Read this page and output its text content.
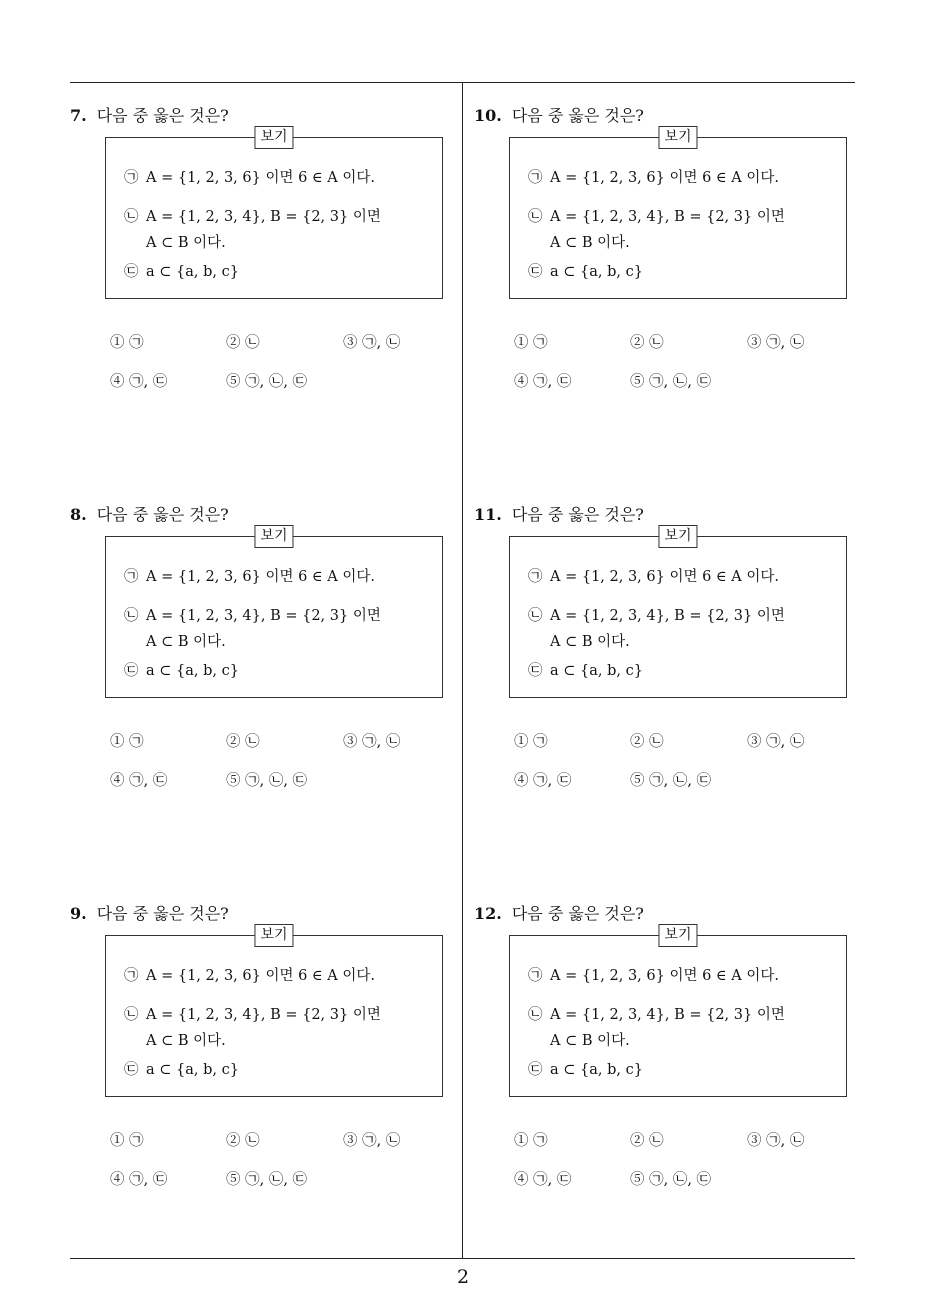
2
7. 다음 중 옳은 것은?
보기
㉠ A = {1, 2, 3, 6} 이면 6 ∈ A 이다.
㉡ A = {1, 2, 3, 4}, B = {2, 3} 이면
A ⊂ B 이다.
㉢ a ⊂ {a, b, c}
① ㉠	② ㉡	③ ㉠, ㉡
④ ㉠, ㉢	⑤ ㉠, ㉡, ㉢
8. 다음 중 옳은 것은?
보기
㉠ A = {1, 2, 3, 6} 이면 6 ∈ A 이다.
㉡ A = {1, 2, 3, 4}, B = {2, 3} 이면
A ⊂ B 이다.
㉢ a ⊂ {a, b, c}
① ㉠	② ㉡	③ ㉠, ㉡
④ ㉠, ㉢	⑤ ㉠, ㉡, ㉢
9. 다음 중 옳은 것은?
보기
㉠ A = {1, 2, 3, 6} 이면 6 ∈ A 이다.
㉡ A = {1, 2, 3, 4}, B = {2, 3} 이면
A ⊂ B 이다.
㉢ a ⊂ {a, b, c}
① ㉠	② ㉡	③ ㉠, ㉡
④ ㉠, ㉢	⑤ ㉠, ㉡, ㉢
10. 다음 중 옳은 것은?
보기
㉠ A = {1, 2, 3, 6} 이면 6 ∈ A 이다.
㉡ A = {1, 2, 3, 4}, B = {2, 3} 이면
A ⊂ B 이다.
㉢ a ⊂ {a, b, c}
① ㉠	② ㉡	③ ㉠, ㉡
④ ㉠, ㉢	⑤ ㉠, ㉡, ㉢
11. 다음 중 옳은 것은?
보기
㉠ A = {1, 2, 3, 6} 이면 6 ∈ A 이다.
㉡ A = {1, 2, 3, 4}, B = {2, 3} 이면
A ⊂ B 이다.
㉢ a ⊂ {a, b, c}
① ㉠	② ㉡	③ ㉠, ㉡
④ ㉠, ㉢	⑤ ㉠, ㉡, ㉢
12. 다음 중 옳은 것은?
보기
㉠ A = {1, 2, 3, 6} 이면 6 ∈ A 이다.
㉡ A = {1, 2, 3, 4}, B = {2, 3} 이면
A ⊂ B 이다.
㉢ a ⊂ {a, b, c}
① ㉠	② ㉡	③ ㉠, ㉡
④ ㉠, ㉢	⑤ ㉠, ㉡, ㉢
